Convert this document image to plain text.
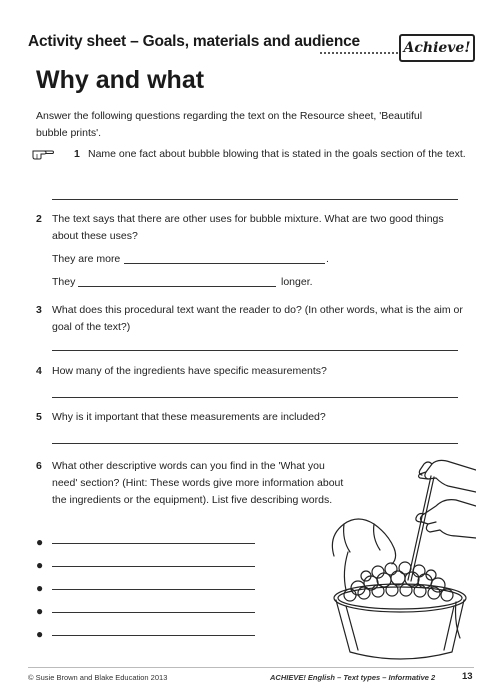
Activity sheet – Goals, materials and audience	Achieve!
Why and what
Answer the following questions regarding the text on the Resource sheet, 'Beautiful bubble prints'.
1 Name one fact about bubble blowing that is stated in the goals section of the text.
2 The text says that there are other uses for bubble mixture. What are two good things about these uses?
They are more	.
They	longer.
3 What does this procedural text want the reader to do? (In other words, what is the aim or goal of the text?)
4 How many of the ingredients have specific measurements?
5 Why is it important that these measurements are included?
6 What other descriptive words can you find in the 'What you need' section? (Hint: These words give more information about the ingredients or the equipment). List five describing words.
●
●
●
●
●
© Susie Brown and Blake Education 2013	ACHIEVE! English – Text types – Informative 2	13
